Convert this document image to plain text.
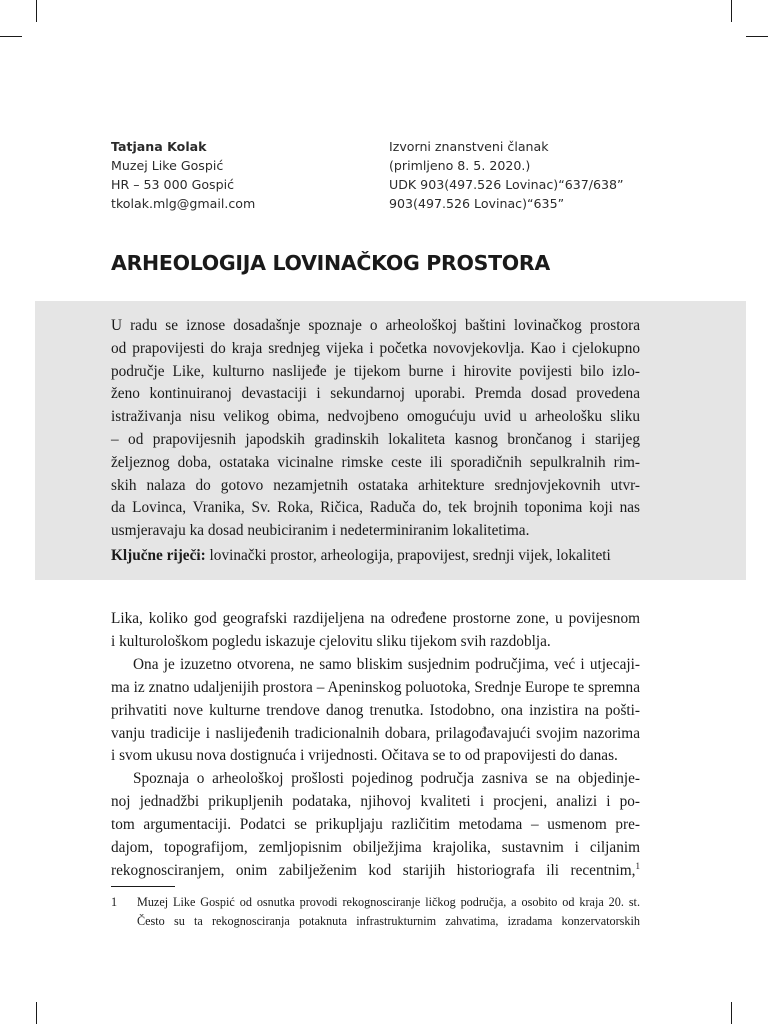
Tatjana Kolak
Muzej Like Gospić
HR – 53 000 Gospić
tkolak.mlg@gmail.com
Izvorni znanstveni članak
(primljeno 8. 5. 2020.)
UDK 903(497.526 Lovinac)“637/638”
903(497.526 Lovinac)“635”
ARHEOLOGIJA LOVINAČKOG PROSTORA
U radu se iznose dosadašnje spoznaje o arheološkoj baštini lovinačkog prostora
od prapovijesti do kraja srednjeg vijeka i početka novovjekovlja. Kao i cjelokupno
područje Like, kulturno naslijeđe je tijekom burne i hirovite povijesti bilo izlo-
ženo kontinuiranoj devastaciji i sekundarnoj uporabi. Premda dosad provedena
istraživanja nisu velikog obima, nedvojbeno omogućuju uvid u arheološku sliku
– od prapovijesnih japodskih gradinskih lokaliteta kasnog brončanog i starijeg
željeznog doba, ostataka vicinalne rimske ceste ili sporadičnih sepulkralnih rim-
skih nalaza do gotovo nezamjetnih ostataka arhitekture srednjovjekovnih utvr-
da Lovinca, Vranika, Sv. Roka, Ričica, Raduča do, tek brojnih toponima koji nas
usmjeravaju ka dosad neubiciranim i nedeterminiranim lokalitetima.
Ključne riječi: lovinački prostor, arheologija, prapovijest, srednji vijek, lokaliteti
Lika, koliko god geografski razdijeljena na određene prostorne zone, u povijesnom
i kulturološkom pogledu iskazuje cjelovitu sliku tijekom svih razdoblja.
Ona je izuzetno otvorena, ne samo bliskim susjednim područjima, već i utjecaji-
ma iz znatno udaljenijih prostora – Apeninskog poluotoka, Srednje Europe te spremna
prihvatiti nove kulturne trendove danog trenutka. Istodobno, ona inzistira na pošti-
vanju tradicije i naslijeđenih tradicionalnih dobara, prilagođavajući svojim nazorima
i svom ukusu nova dostignuća i vrijednosti. Očitava se to od prapovijesti do danas.
Spoznaja o arheološkoj prošlosti pojedinog područja zasniva se na objedinje-
noj jednadžbi prikupljenih podataka, njihovoj kvaliteti i procjeni, analizi i po-
tom argumentaciji. Podatci se prikupljaju različitim metodama – usmenom pre-
dajom, topografijom, zemljopisnim obilježjima krajolika, sustavnim i ciljanim
rekognosciranjem, onim zabilježenim kod starijih historiografa ili recentnim,$^1$
1 Muzej Like Gospić od osnutka provodi rekognosciranje ličkog područja, a osobito od kraja 20. st.
Često su ta rekognosciranja potaknuta infrastrukturnim zahvatima, izradama konzervatorskih
